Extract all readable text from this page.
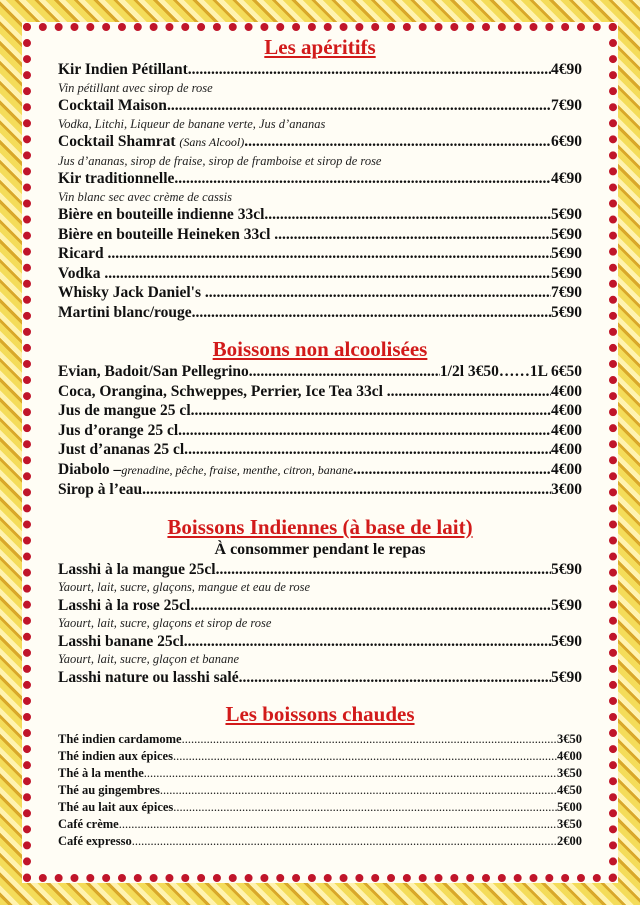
Les apéritifs
Kir Indien Pétillant .....	4€90
Vin pétillant avec sirop de rose
Cocktail Maison .....	7€90
Vodka, Litchi, Liqueur de banane verte, Jus d’ananas
Cocktail Shamrat
(Sans Alcool) .....	6€90
Jus d’ananas, sirop de fraise, sirop de framboise et sirop de rose
Kir traditionnelle .....	4€90
Vin blanc sec avec crème de cassis
Bière en bouteille indienne 33cl .....	5€90
Bière en bouteille Heineken 33cl
.....	5€90
Ricard
.....	5€90
Vodka
.....	5€90
Whisky Jack Daniel's
.....	7€90
Martini blanc/rouge .....	5€90
Boissons non alcoolisées
Evian, Badoit/San Pellegrino .....	1/2l 3€50……1L 6€50
Coca, Orangina, Schweppes, Perrier, Ice Tea 33cl
.....	4€00
Jus de mangue 25 cl. .....	4€00
Jus d’orange 25 cl. .....	4€00
Just d’ananas 25 cl. .....	4€00
Diabolo – grenadine, pêche, fraise, menthe, citron, banane .....	4€00
Sirop à l’eau .....	3€00
Boissons Indiennes (à base de lait)
À consommer pendant le repas
Lasshi à la mangue 25cl .....	5€90
Yaourt, lait, sucre, glaçons, mangue et eau de rose
Lasshi à la rose 25cl .....	5€90
Yaourt, lait, sucre, glaçons et sirop de rose
Lasshi banane 25cl .....	5€90
Yaourt, lait, sucre, glaçon et banane
Lasshi nature ou lasshi salé .....	5€90
Les boissons chaudes
Thé indien cardamome .....	3€50
Thé indien aux épices .....	4€00
Thé à la menthe .....	3€50
Thé au gingembres .....	4€50
Thé au lait aux épices .....	5€00
Café crème .....	3€50
Café expresso .....	2€00
